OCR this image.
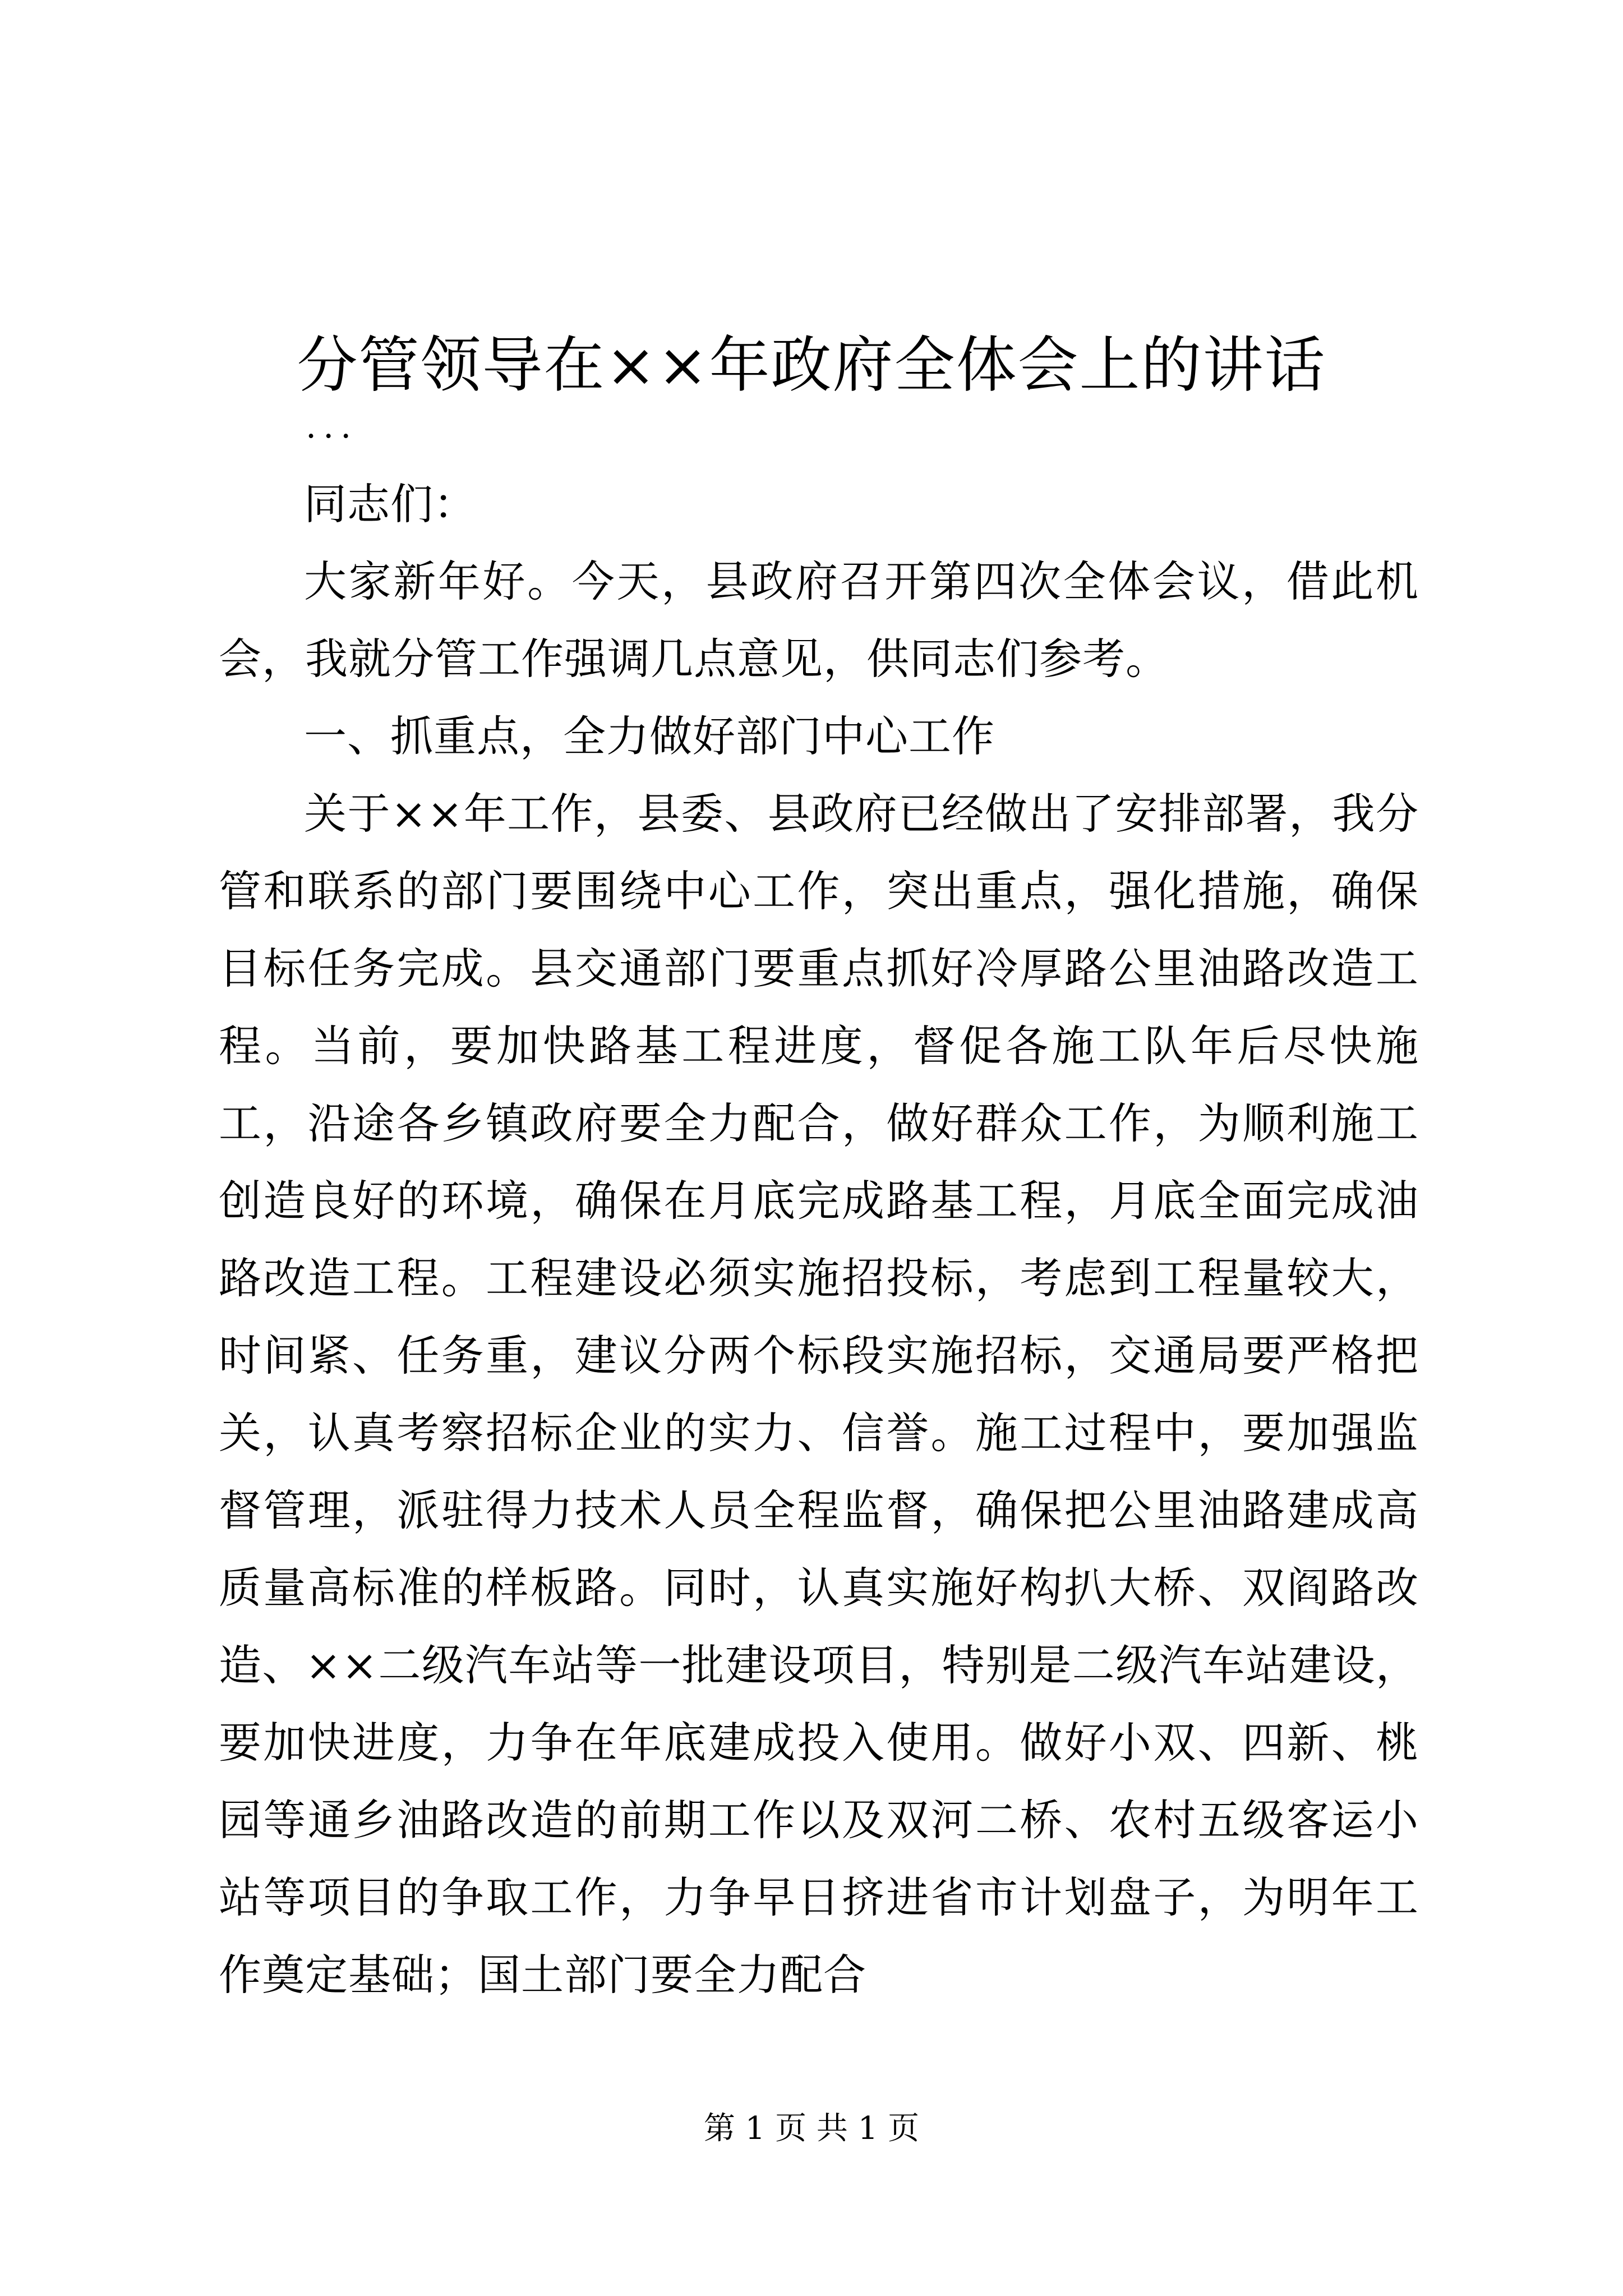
分管领导在××年政府全体会上的讲话
...

同志们：

大家新年好。今天，县政府召开第四次全体会议，借此机会，我就分管工作强调几点意见，供同志们参考。

一、抓重点，全力做好部门中心工作

关于××年工作，县委、县政府已经做出了安排部署，我分管和联系的部门要围绕中心工作，突出重点，强化措施，确保目标任务完成。县交通部门要重点抓好冷厚路公里油路改造工程。当前，要加快路基工程进度，督促各施工队年后尽快施工，沿途各乡镇政府要全力配合，做好群众工作，为顺利施工创造良好的环境，确保在月底完成路基工程，月底全面完成油路改造工程。工程建设必须实施招投标，考虑到工程量较大，时间紧、任务重，建议分两个标段实施招标，交通局要严格把关，认真考察招标企业的实力、信誉。施工过程中，要加强监督管理，派驻得力技术人员全程监督，确保把公里油路建成高质量高标准的样板路。同时，认真实施好构扒大桥、双阎路改造、××二级汽车站等一批建设项目，特别是二级汽车站建设，要加快进度，力争在年底建成投入使用。做好小双、四新、桃园等通乡油路改造的前期工作以及双河二桥、农村五级客运小站等项目的争取工作，力争早日挤进省市计划盘子，为明年工作奠定基础；国土部门要全力配合

第 1 页 共 1 页
